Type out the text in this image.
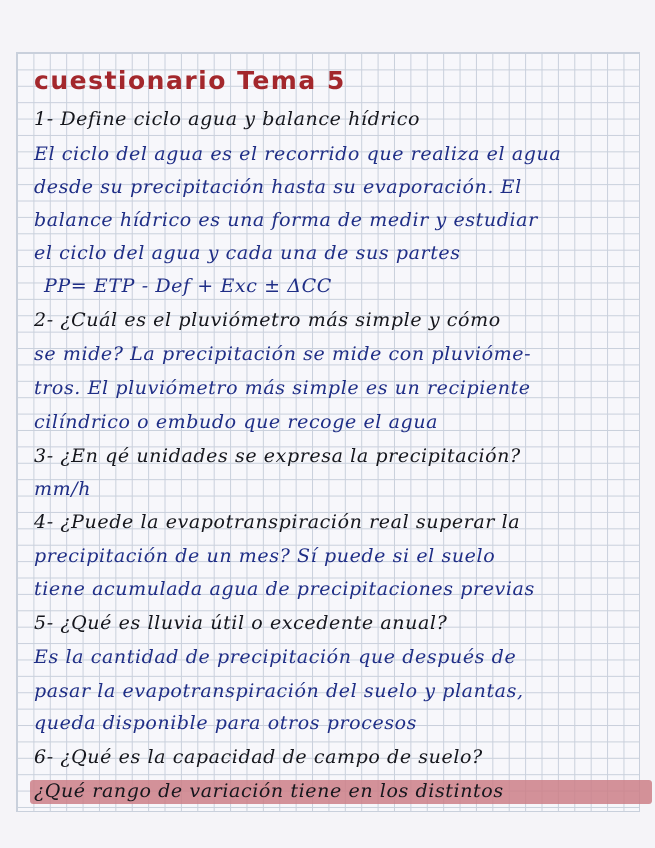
cuestionario Tema 5
1- Define ciclo agua y balance hídrico
El ciclo del agua es el recorrido que realiza el agua
desde su precipitación hasta su evaporación. El
balance hídrico es una forma de medir y estudiar
el ciclo del agua y cada una de sus partes
PP= ETP - Def + Exc ± ΔCC
2- ¿Cuál es el pluviómetro más simple y cómo
se mide? La precipitación se mide con pluvióme-
tros. El pluviómetro más simple es un recipiente
cilíndrico o embudo que recoge el agua
3- ¿En qé unidades se expresa la precipitación?
mm/h
4- ¿Puede la evapotranspiración real superar la
precipitación de un mes? Sí puede si el suelo
tiene acumulada agua de precipitaciones previas
5- ¿Qué es lluvia útil o excedente anual?
Es la cantidad de precipitación que después de
pasar la evapotranspiración del suelo y plantas,
queda disponible para otros procesos
6- ¿Qué es la capacidad de campo de suelo?
¿Qué rango de variación tiene en los distintos
